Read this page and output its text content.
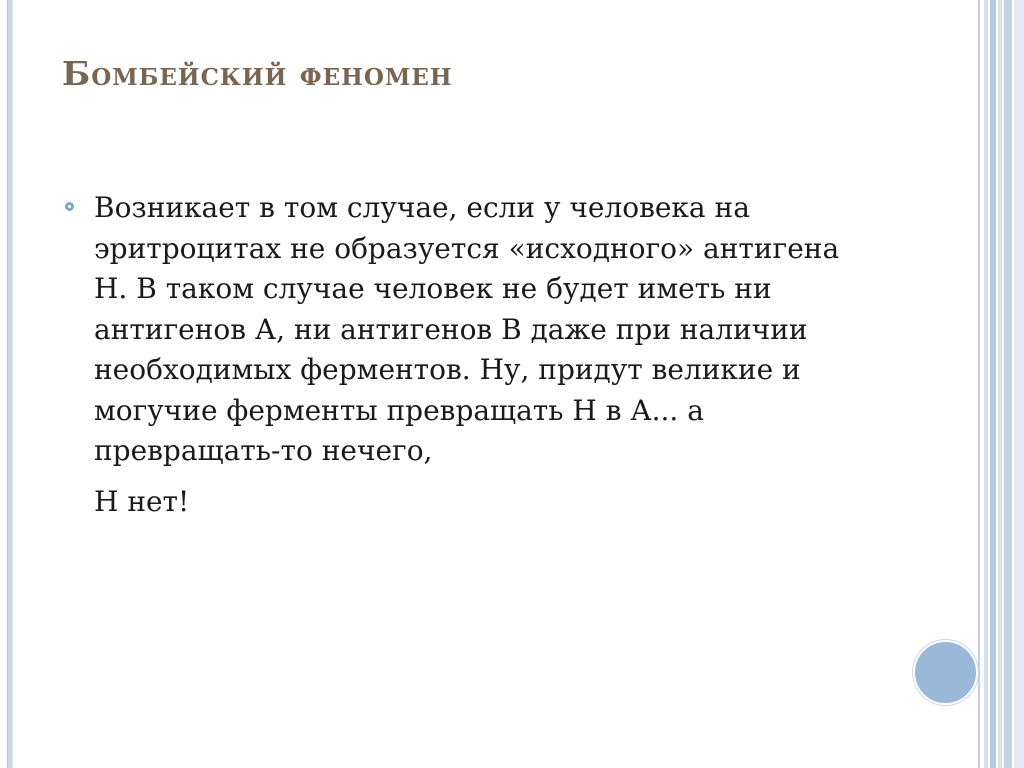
Бомбейский феномен

Возникает в том случае, если у человека на эритроцитах не образуется «исходного» антигена Н. В таком случае человек не будет иметь ни антигенов А, ни антигенов В даже при наличии необходимых ферментов. Ну, придут великие и могучие ферменты превращать Н в А... а превращать-то нечего,

Н нет!
